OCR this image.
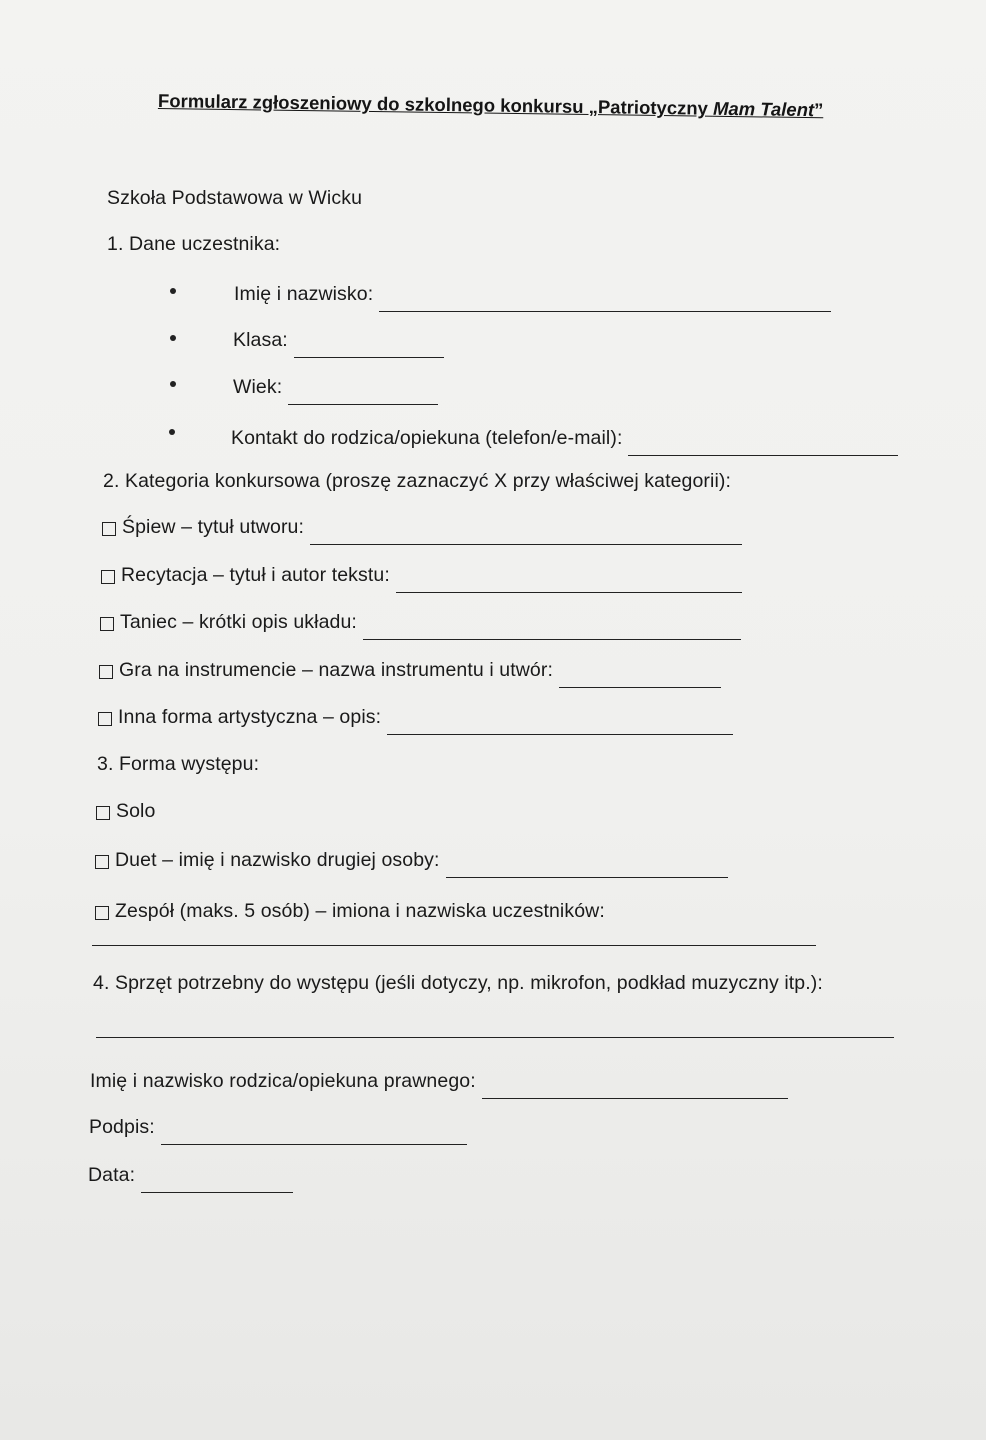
Formularz zgłoszeniowy do szkolnego konkursu „Patriotyczny Mam Talent”
Szkoła Podstawowa w Wicku
1. Dane uczestnika:
Imię i nazwisko:
Klasa:
Wiek:
Kontakt do rodzica/opiekuna (telefon/e-mail):
2. Kategoria konkursowa (proszę zaznaczyć X przy właściwej kategorii):
Śpiew – tytuł utworu:
Recytacja – tytuł i autor tekstu:
Taniec – krótki opis układu:
Gra na instrumencie – nazwa instrumentu i utwór:
Inna forma artystyczna – opis:
3. Forma występu:
Solo
Duet – imię i nazwisko drugiej osoby:
Zespół (maks. 5 osób) – imiona i nazwiska uczestników:
4. Sprzęt potrzebny do występu (jeśli dotyczy, np. mikrofon, podkład muzyczny itp.):
Imię i nazwisko rodzica/opiekuna prawnego:
Podpis:
Data:
